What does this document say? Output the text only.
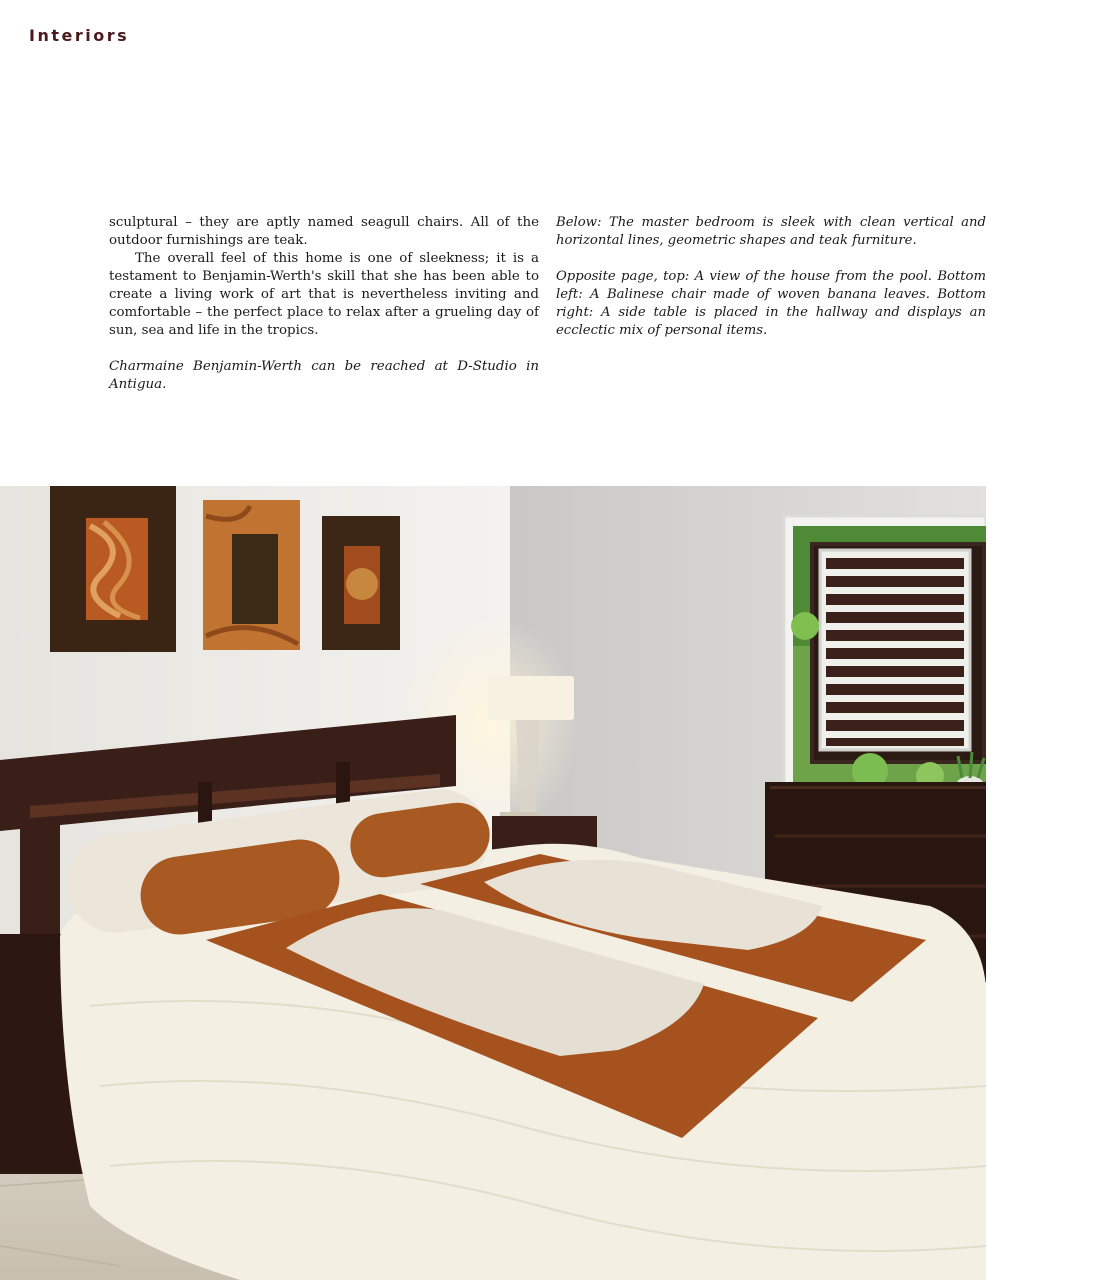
Interiors

sculptural – they are aptly named seagull chairs. All of the outdoor furnishings are teak.

The overall feel of this home is one of sleekness; it is a testament to Benjamin-Werth's skill that she has been able to create a living work of art that is nevertheless inviting and comfortable – the perfect place to relax after a grueling day of sun, sea and life in the tropics.

Charmaine Benjamin-Werth can be reached at D-Studio in Antigua.

Below: The master bedroom is sleek with clean vertical and horizontal lines, geometric shapes and teak furniture.

Opposite page, top: A view of the house from the pool. Bottom left: A Balinese chair made of woven banana leaves. Bottom right: A side table is placed in the hallway and displays an ecclectic mix of personal items.
